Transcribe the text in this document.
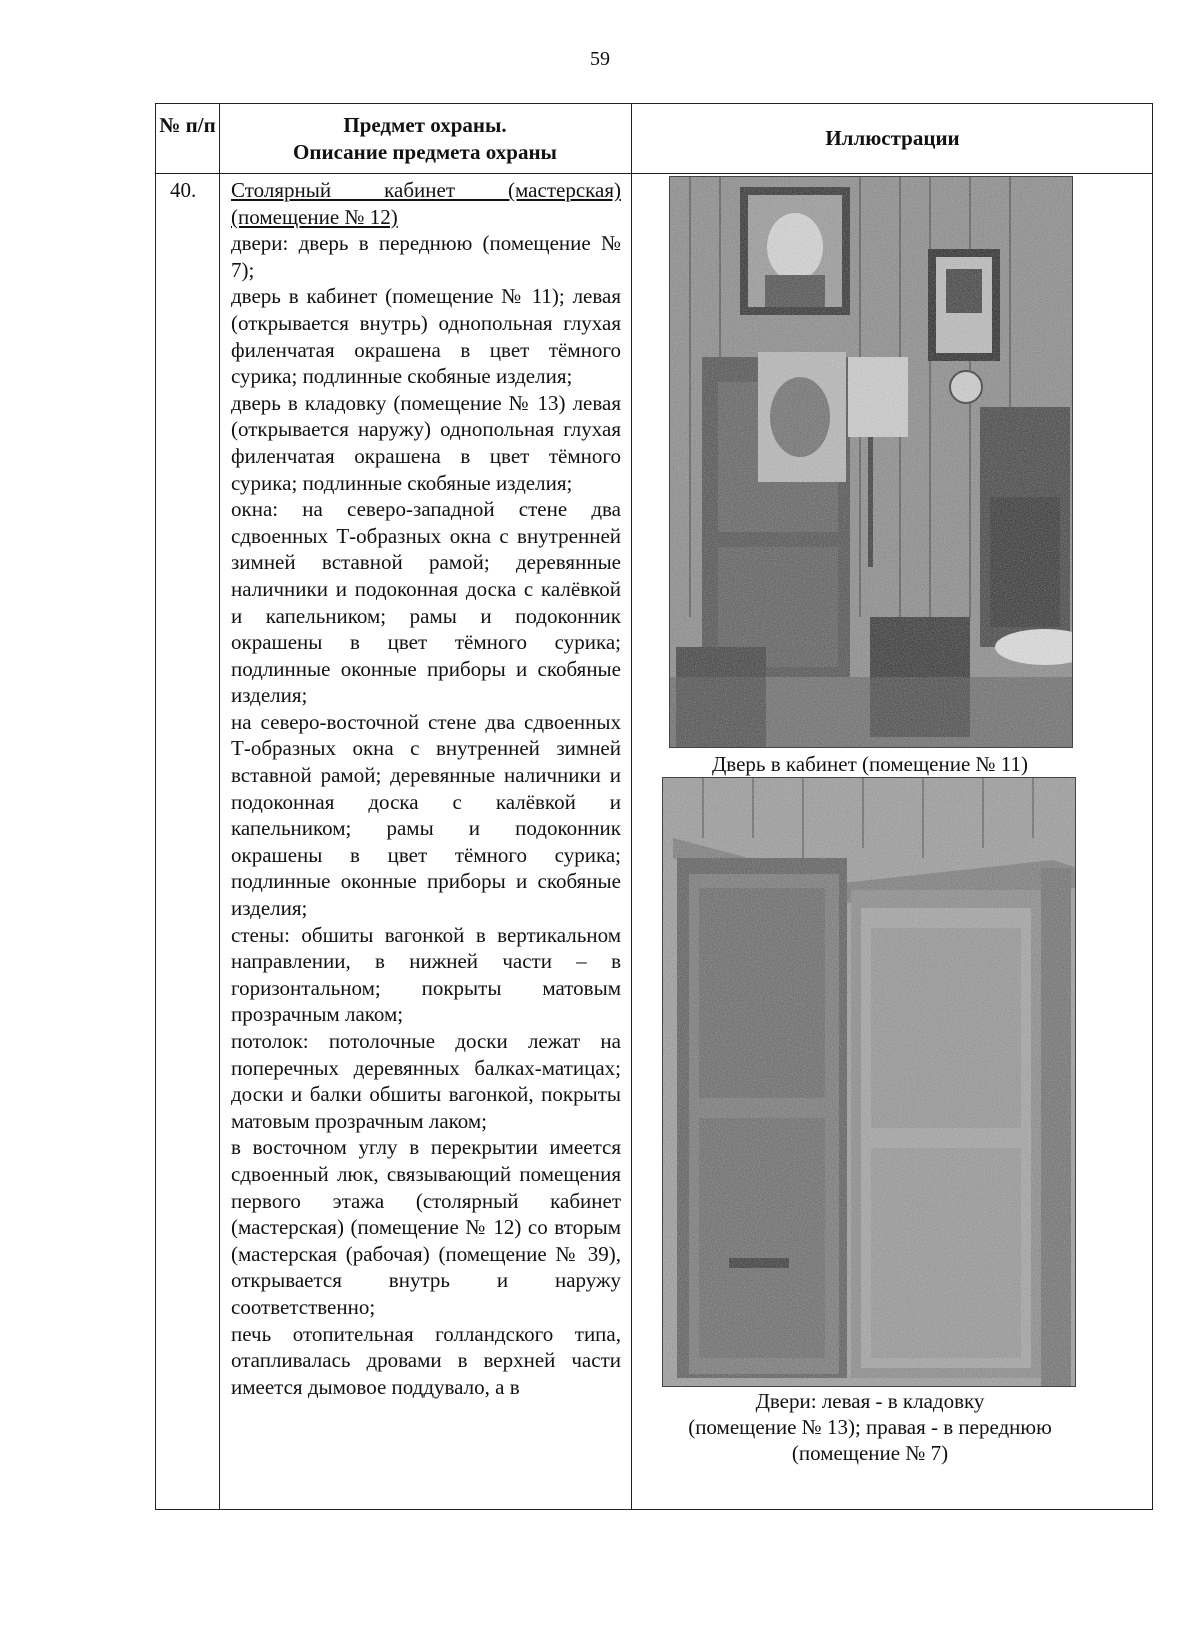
59
№ п/п	Предмет охраны.
Описание предмета охраны
Иллюстрации
40. Столярный кабинет (мастерская) (помещение № 12)
двери: дверь в переднюю (помещение № 7);
дверь в кабинет (помещение № 11); левая (открывается внутрь) однопольная глухая филенчатая окрашена в цвет тёмного сурика; подлинные скобяные изделия;
дверь в кладовку (помещение № 13) левая (открывается наружу) однопольная глухая филенчатая окрашена в цвет тёмного сурика; подлинные скобяные изделия;
окна: на северо-западной стене два сдвоенных Т-образных окна с внутренней зимней вставной рамой; деревянные наличники и подоконная доска с калёвкой и капельником; рамы и подоконник окрашены в цвет тёмного сурика; подлинные оконные приборы и скобяные изделия;
на северо-восточной стене два сдвоенных Т-образных окна с внутренней зимней вставной рамой; деревянные наличники и подоконная доска с калёвкой и капельником; рамы и подоконник окрашены в цвет тёмного сурика; подлинные оконные приборы и скобяные изделия;
стены: обшиты вагонкой в вертикальном направлении, в нижней части – в горизонтальном; покрыты матовым прозрачным лаком;
потолок: потолочные доски лежат на поперечных деревянных балках-матицах; доски и балки обшиты вагонкой, покрыты матовым прозрачным лаком;
в восточном углу в перекрытии имеется сдвоенный люк, связывающий помещения первого этажа (столярный кабинет (мастерская) (помещение № 12) со вторым (мастерская (рабочая) (помещение № 39), открывается внутрь и наружу соответственно;
печь отопительная голландского типа, отапливалась дровами в верхней части имеется дымовое поддувало, а в
Дверь в кабинет (помещение № 11)
Двери: левая - в кладовку
(помещение № 13); правая - в переднюю
(помещение № 7)
